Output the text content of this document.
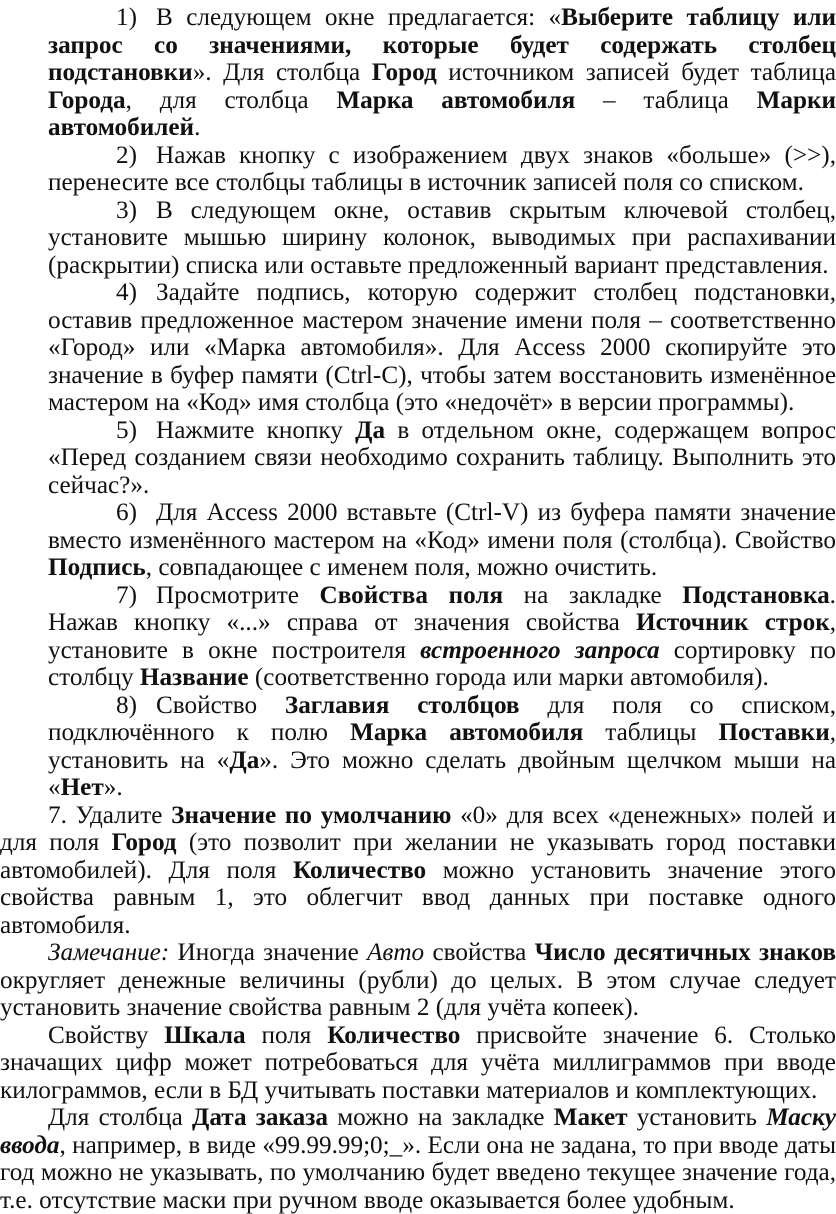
1) В следующем окне предлагается: «Выберите таблицу или запрос со значениями, которые будет содержать столбец подстановки». Для столбца Город источником записей будет таблица Города, для столбца Марка автомобиля – таблица Марки автомобилей.

2) Нажав кнопку с изображением двух знаков «больше» (>>), перенесите все столбцы таблицы в источник записей поля со списком.

3) В следующем окне, оставив скрытым ключевой столбец, установите мышью ширину колонок, выводимых при распахивании (раскрытии) списка или оставьте предложенный вариант представления.

4) Задайте подпись, которую содержит столбец подстановки, оставив предложенное мастером значение имени поля – соответственно «Город» или «Марка автомобиля». Для Access 2000 скопируйте это значение в буфер памяти (Ctrl-C), чтобы затем восстановить изменённое мастером на «Код» имя столбца (это «недочёт» в версии программы).

5) Нажмите кнопку Да в отдельном окне, содержащем вопрос «Перед созданием связи необходимо сохранить таблицу. Выполнить это сейчас?».

6) Для Access 2000 вставьте (Ctrl-V) из буфера памяти значение вместо изменённого мастером на «Код» имени поля (столбца). Свойство Подпись, совпадающее с именем поля, можно очистить.

7) Просмотрите Свойства поля на закладке Подстановка. Нажав кнопку «...» справа от значения свойства Источник строк, установите в окне построителя встроенного запроса сортировку по столбцу Название (соответственно города или марки автомобиля).

8) Свойство Заглавия столбцов для поля со списком, подключённого к полю Марка автомобиля таблицы Поставки, установить на «Да». Это можно сделать двойным щелчком мыши на «Нет».

7. Удалите Значение по умолчанию «0» для всех «денежных» полей и для поля Город (это позволит при желании не указывать город поставки автомобилей). Для поля Количество можно установить значение этого свойства равным 1, это облегчит ввод данных при поставке одного автомобиля.

Замечание: Иногда значение Авто свойства Число десятичных знаков округляет денежные величины (рубли) до целых. В этом случае следует установить значение свойства равным 2 (для учёта копеек).

Свойству Шкала поля Количество присвойте значение 6. Столько значащих цифр может потребоваться для учёта миллиграммов при вводе килограммов, если в БД учитывать поставки материалов и комплектующих.

Для столбца Дата заказа можно на закладке Макет установить Маску ввода, например, в виде «99.99.99;0;_». Если она не задана, то при вводе даты год можно не указывать, по умолчанию будет введено текущее значение года, т.е. отсутствие маски при ручном вводе оказывается более удобным.
